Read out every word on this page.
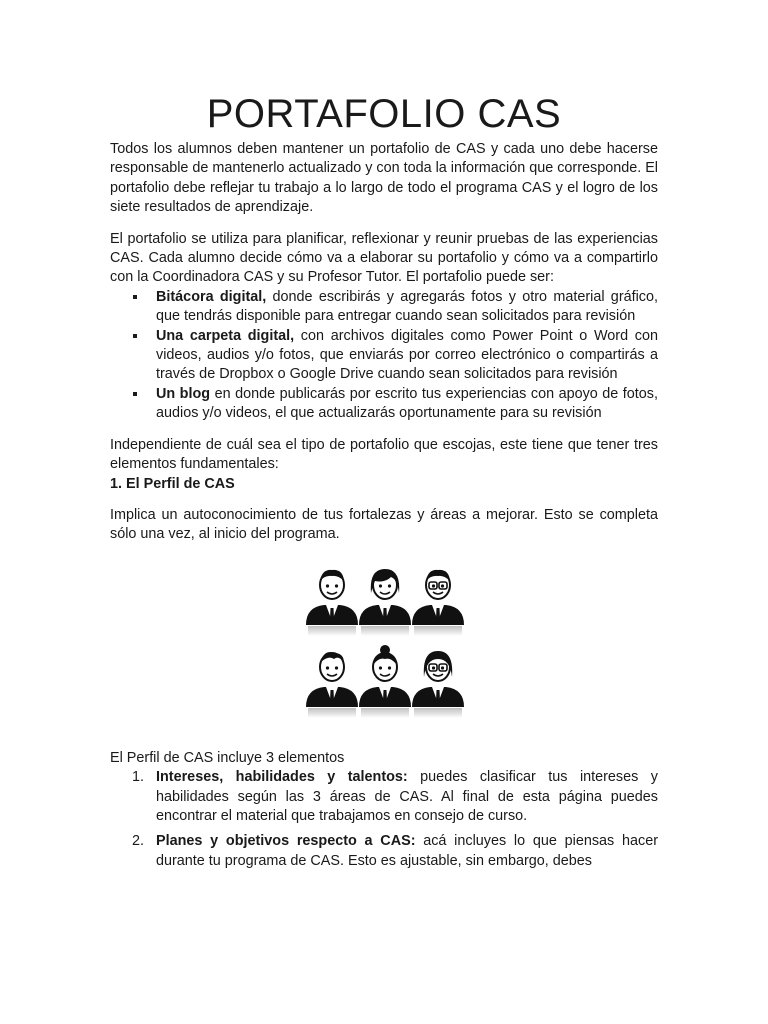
PORTAFOLIO CAS

Todos los alumnos deben mantener un portafolio de CAS y cada uno debe hacerse responsable de mantenerlo actualizado y con toda la información que corresponde. El portafolio debe reflejar tu trabajo a lo largo de todo el programa CAS y el logro de los siete resultados de aprendizaje.

El portafolio se utiliza para planificar, reflexionar y reunir pruebas de las experiencias CAS. Cada alumno decide cómo va a elaborar su portafolio y cómo va a compartirlo con la Coordinadora CAS y su Profesor Tutor. El portafolio puede ser:

Bitácora digital, donde escribirás y agregarás fotos y otro material gráfico, que tendrás disponible para entregar cuando sean solicitados para revisión
Una carpeta digital, con archivos digitales como Power Point o Word con videos, audios y/o fotos, que enviarás por correo electrónico o compartirás a través de Dropbox o Google Drive cuando sean solicitados para revisión
Un blog en donde publicarás por escrito tus experiencias con apoyo de fotos, audios y/o videos, el que actualizarás oportunamente para su revisión

Independiente de cuál sea el tipo de portafolio que escojas, este tiene que tener tres elementos fundamentales:

1. El Perfil de CAS

Implica un autoconocimiento de tus fortalezas y áreas a mejorar. Esto se completa sólo una vez, al inicio del programa.

El Perfil de CAS incluye 3 elementos

1. Intereses, habilidades y talentos: puedes clasificar tus intereses y habilidades según las 3 áreas de CAS. Al final de esta página puedes encontrar el material que trabajamos en consejo de curso.
2. Planes y objetivos respecto a CAS: acá incluyes lo que piensas hacer durante tu programa de CAS. Esto es ajustable, sin embargo, debes
